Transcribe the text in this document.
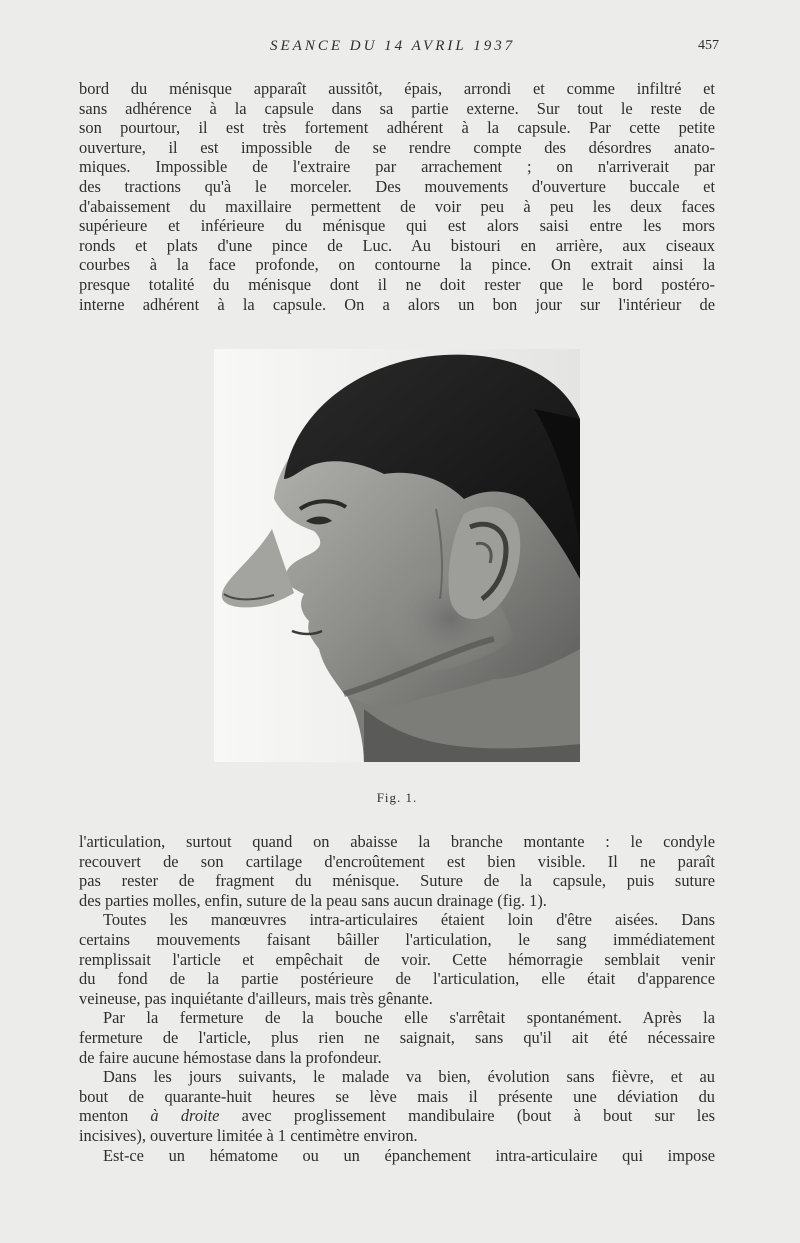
SEANCE DU 14 AVRIL 1937	457
bord du ménisque apparaît aussitôt, épais, arrondi et comme infiltré et
sans adhérence à la capsule dans sa partie externe. Sur tout le reste de
son pourtour, il est très fortement adhérent à la capsule. Par cette petite
ouverture, il est impossible de se rendre compte des désordres anato-
miques. Impossible de l'extraire par arrachement ; on n'arriverait par
des tractions qu'à le morceler. Des mouvements d'ouverture buccale et
d'abaissement du maxillaire permettent de voir peu à peu les deux faces
supérieure et inférieure du ménisque qui est alors saisi entre les mors
ronds et plats d'une pince de Luc. Au bistouri en arrière, aux ciseaux
courbes à la face profonde, on contourne la pince. On extrait ainsi la
presque totalité du ménisque dont il ne doit rester que le bord postéro-
interne adhérent à la capsule. On a alors un bon jour sur l'intérieur de
Fig. 1.
l'articulation, surtout quand on abaisse la branche montante : le condyle
recouvert de son cartilage d'encroûtement est bien visible. Il ne paraît
pas rester de fragment du ménisque. Suture de la capsule, puis suture
des parties molles, enfin, suture de la peau sans aucun drainage (fig. 1).
Toutes les manœuvres intra-articulaires étaient loin d'être aisées. Dans
certains mouvements faisant bâiller l'articulation, le sang immédiatement
remplissait l'article et empêchait de voir. Cette hémorragie semblait venir
du fond de la partie postérieure de l'articulation, elle était d'apparence
veineuse, pas inquiétante d'ailleurs, mais très gênante.
Par la fermeture de la bouche elle s'arrêtait spontanément. Après la
fermeture de l'article, plus rien ne saignait, sans qu'il ait été nécessaire
de faire aucune hémostase dans la profondeur.
Dans les jours suivants, le malade va bien, évolution sans fièvre, et au
bout de quarante-huit heures se lève mais il présente une déviation du
menton à droite avec proglissement mandibulaire (bout à bout sur les
incisives), ouverture limitée à 1 centimètre environ.
Est-ce un hématome ou un épanchement intra-articulaire qui impose
